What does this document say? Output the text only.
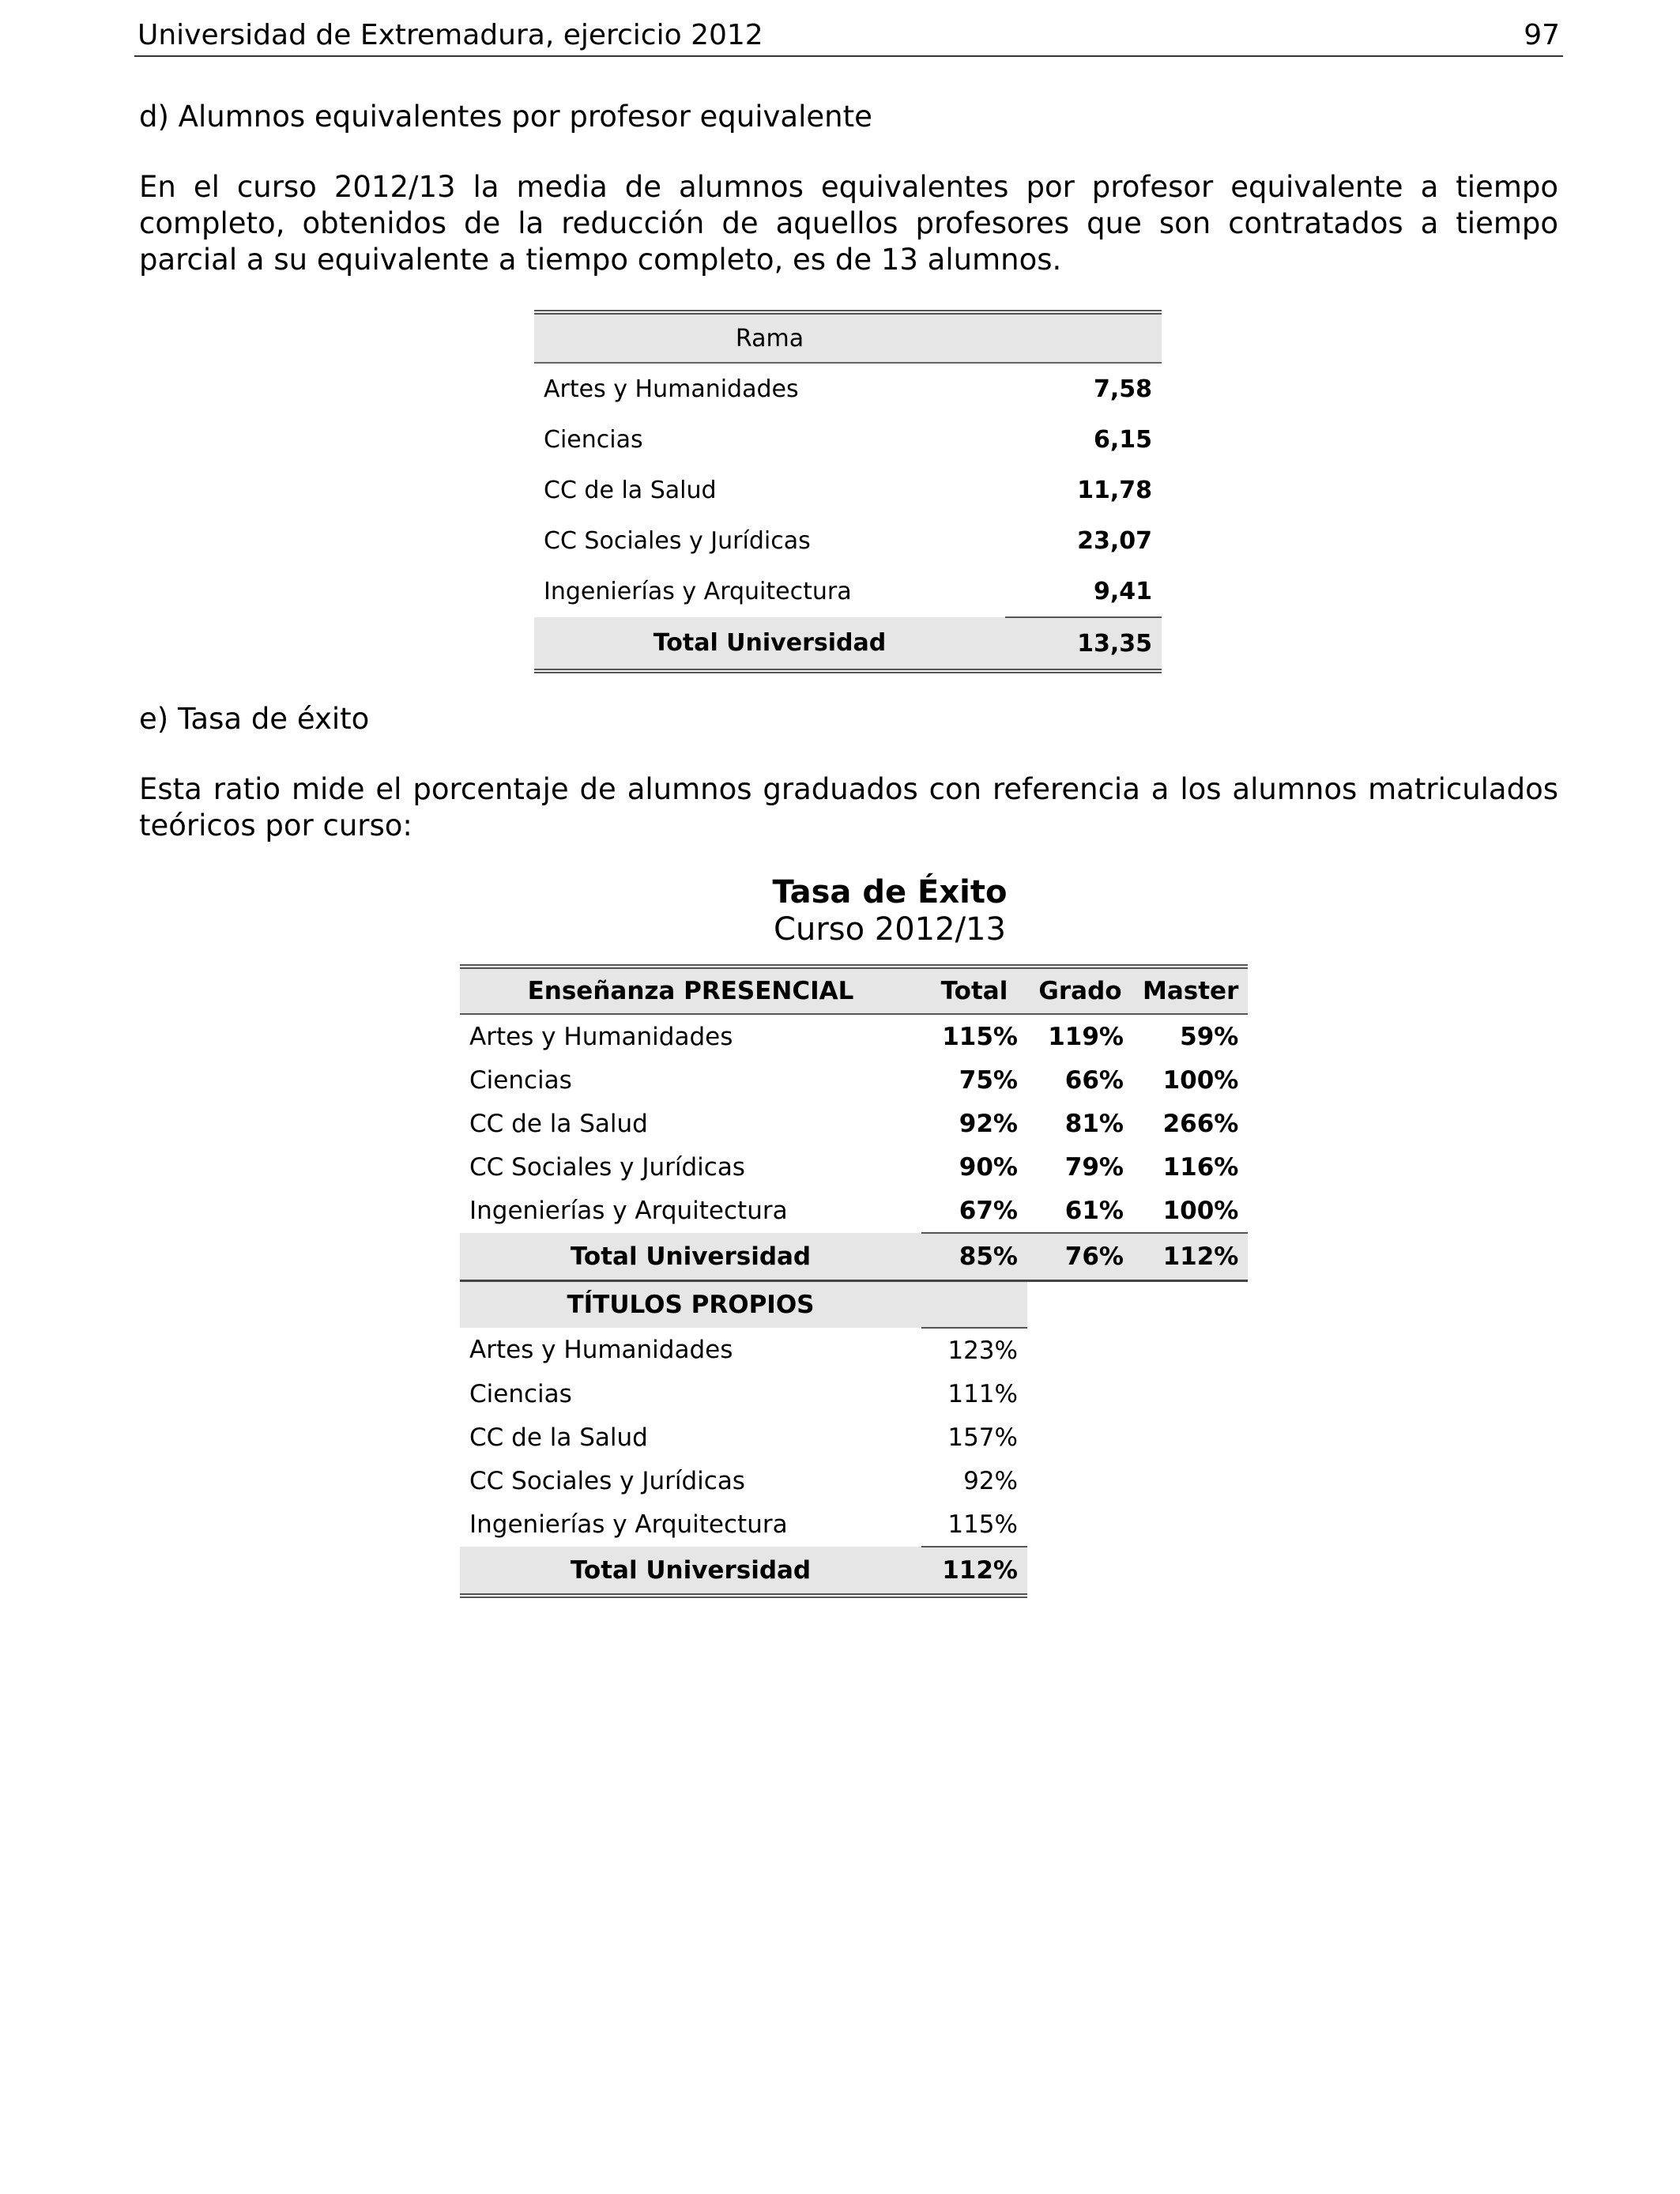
Universidad de Extremadura, ejercicio 2012	97
d) Alumnos equivalentes por profesor equivalente
En el curso 2012/13 la media de alumnos equivalentes por profesor equivalente a tiempo completo, obtenidos de la reducción de aquellos profesores que son contratados a tiempo parcial a su equivalente a tiempo completo, es de 13 alumnos.
Rama	
Artes y Humanidades	7,58
Ciencias	6,15
CC de la Salud	11,78
CC Sociales y Jurídicas	23,07
Ingenierías y Arquitectura	9,41
Total Universidad	13,35
e) Tasa de éxito
Esta ratio mide el porcentaje de alumnos graduados con referencia a los alumnos matriculados teóricos por curso:
Tasa de Éxito
Curso 2012/13
Enseñanza PRESENCIAL	Total	Grado	Master
Artes y Humanidades	115%	119%	59%
Ciencias	75%	66%	100%
CC de la Salud	92%	81%	266%
CC Sociales y Jurídicas	90%	79%	116%
Ingenierías y Arquitectura	67%	61%	100%
Total Universidad	85%	76%	112%
TÍTULOS PROPIOS			
Artes y Humanidades	123%		
Ciencias	111%		
CC de la Salud	157%		
CC Sociales y Jurídicas	92%		
Ingenierías y Arquitectura	115%		
Total Universidad	112%		
